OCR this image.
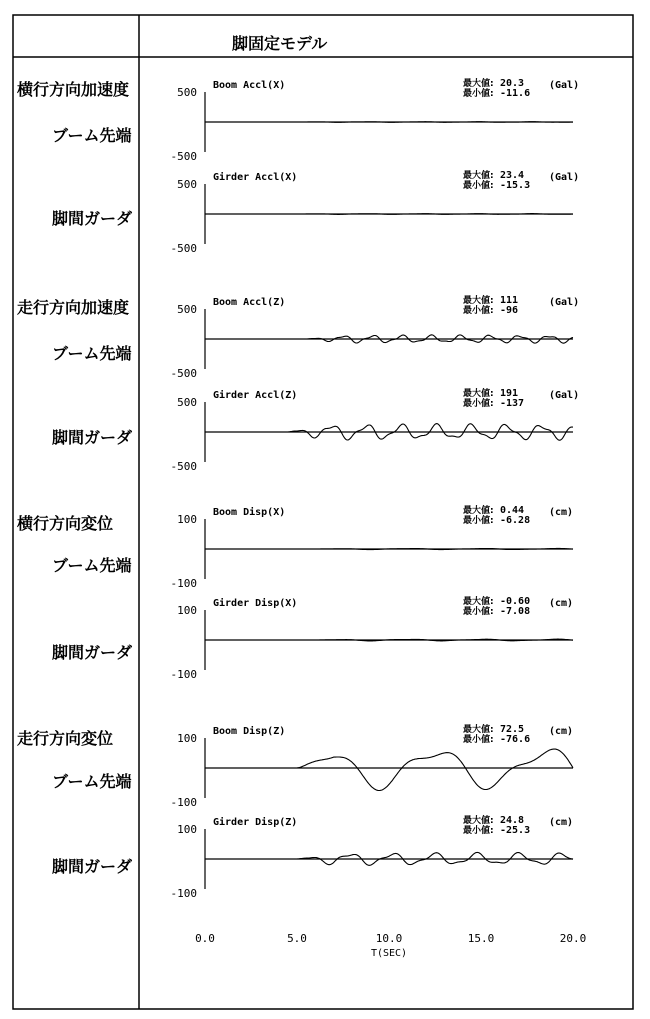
脚固定モデル
横行方向加速度
ブーム先端
脚間ガーダ
走行方向加速度
ブーム先端
脚間ガーダ
横行方向変位
ブーム先端
脚間ガーダ
走行方向変位
ブーム先端
脚間ガーダ
500
-500
Boom Accl(X)	最大値:
最小値:
20.3
-11.6
(Gal)
500
-500
Girder Accl(X)	最大値:
最小値:
23.4
-15.3
(Gal)
500
-500
Boom Accl(Z)	最大値:
最小値:
111
-96
(Gal)
500
-500
Girder Accl(Z)	最大値:
最小値:
191
-137
(Gal)
100
-100
Boom Disp(X)	最大値:
最小値:
0.44
-6.28
(cm)
100
-100
Girder Disp(X)	最大値:
最小値:
-0.60
-7.08
(cm)
100
-100
Boom Disp(Z)	最大値:
最小値:
72.5
-76.6
(cm)
100
-100
Girder Disp(Z)	最大値:
最小値:
24.8
-25.3
(cm)
0.0	5.0	10.0	15.0	20.0
T(SEC)
